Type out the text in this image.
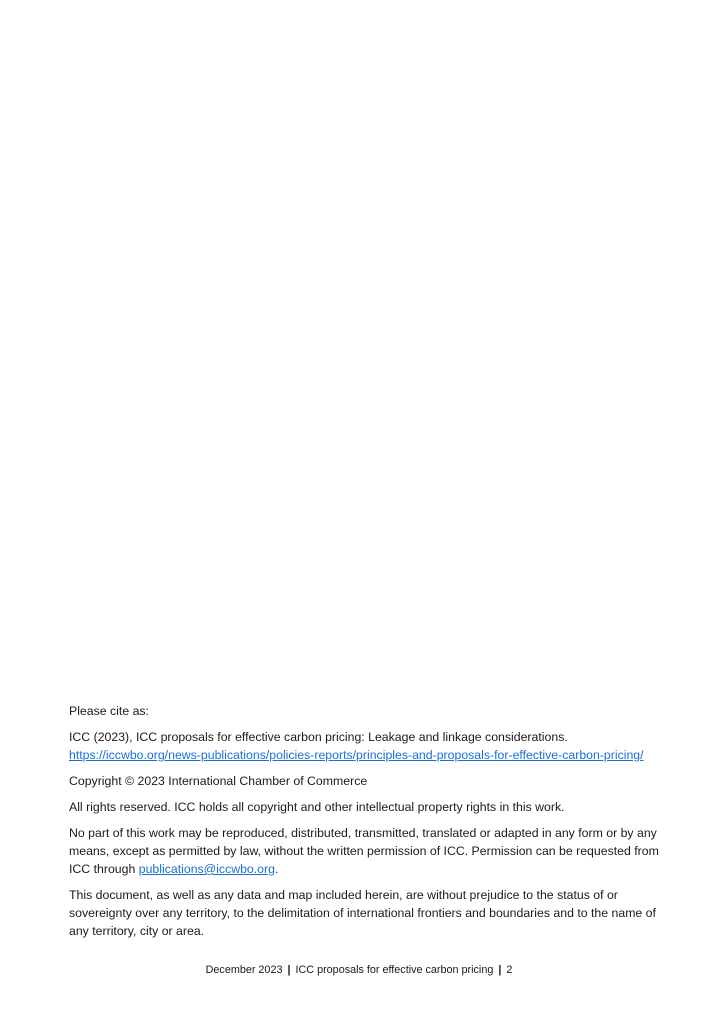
Please cite as:

ICC (2023), ICC proposals for effective carbon pricing: Leakage and linkage considerations.
https://iccwbo.org/news-publications/policies-reports/principles-and-proposals-for-effective-carbon-pricing/

Copyright © 2023 International Chamber of Commerce

All rights reserved. ICC holds all copyright and other intellectual property rights in this work.

No part of this work may be reproduced, distributed, transmitted, translated or adapted in any form or by any means, except as permitted by law, without the written permission of ICC. Permission can be requested from ICC through publications@iccwbo.org.

This document, as well as any data and map included herein, are without prejudice to the status of or sovereignty over any territory, to the delimitation of international frontiers and boundaries and to the name of any territory, city or area.

December 2023 | ICC proposals for effective carbon pricing | 2
